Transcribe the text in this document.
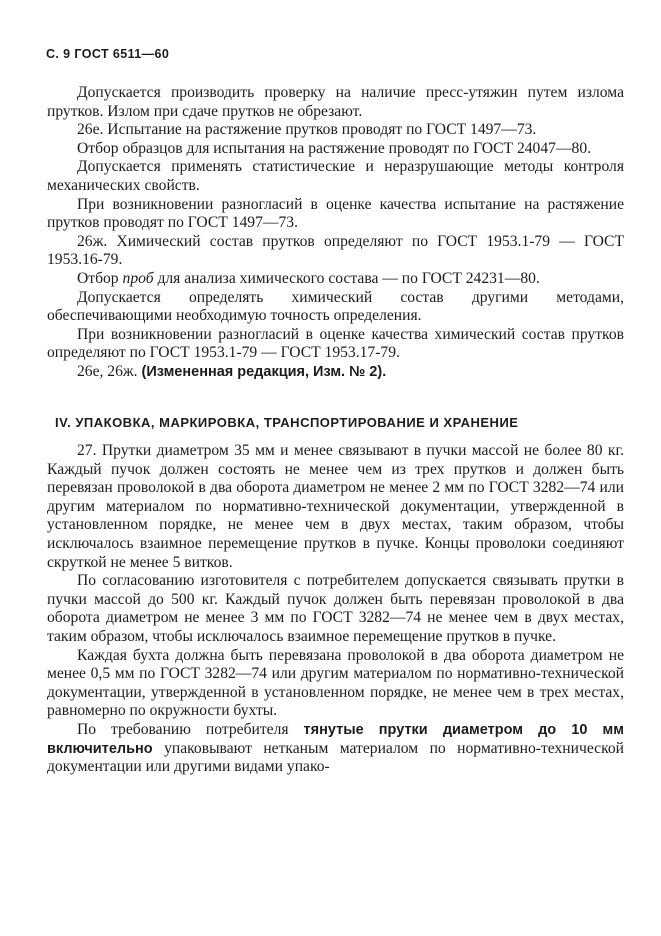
С. 9 ГОСТ 6511—60

Допускается производить проверку на наличие пресс-утяжин путем излома прутков. Излом при сдаче прутков не обрезают.

26е. Испытание на растяжение прутков проводят по ГОСТ 1497—73.

Отбор образцов для испытания на растяжение проводят по ГОСТ 24047—80.

Допускается применять статистические и неразрушающие методы контроля механических свойств.

При возникновении разногласий в оценке качества испытание на растяжение прутков проводят по ГОСТ 1497—73.

26ж. Химический состав прутков определяют по ГОСТ 1953.1-79 — ГОСТ 1953.16-79.

Отбор проб для анализа химического состава — по ГОСТ 24231—80.

Допускается определять химический состав другими методами, обеспечивающими необходимую точность определения.

При возникновении разногласий в оценке качества химический состав прутков определяют по ГОСТ 1953.1-79 — ГОСТ 1953.17-79.

26е, 26ж. (Измененная редакция, Изм. № 2).

IV. УПАКОВКА, МАРКИРОВКА, ТРАНСПОРТИРОВАНИЕ И ХРАНЕНИЕ

27. Прутки диаметром 35 мм и менее связывают в пучки массой не более 80 кг. Каждый пучок должен состоять не менее чем из трех прутков и должен быть перевязан проволокой в два оборота диаметром не менее 2 мм по ГОСТ 3282—74 или другим материалом по нормативно-технической документации, утвержденной в установленном порядке, не менее чем в двух местах, таким образом, чтобы исключалось взаимное перемещение прутков в пучке. Концы проволоки соединяют скруткой не менее 5 витков.

По согласованию изготовителя с потребителем допускается связывать прутки в пучки массой до 500 кг. Каждый пучок должен быть перевязан проволокой в два оборота диаметром не менее 3 мм по ГОСТ 3282—74 не менее чем в двух местах, таким образом, чтобы исключалось взаимное перемещение прутков в пучке.

Каждая бухта должна быть перевязана проволокой в два оборота диаметром не менее 0,5 мм по ГОСТ 3282—74 или другим материалом по нормативно-технической документации, утвержденной в установленном порядке, не менее чем в трех местах, равномерно по окружности бухты.

По требованию потребителя тянутые прутки диаметром до 10 мм включительно упаковывают нетканым материалом по нормативно-технической документации или другими видами упако-
